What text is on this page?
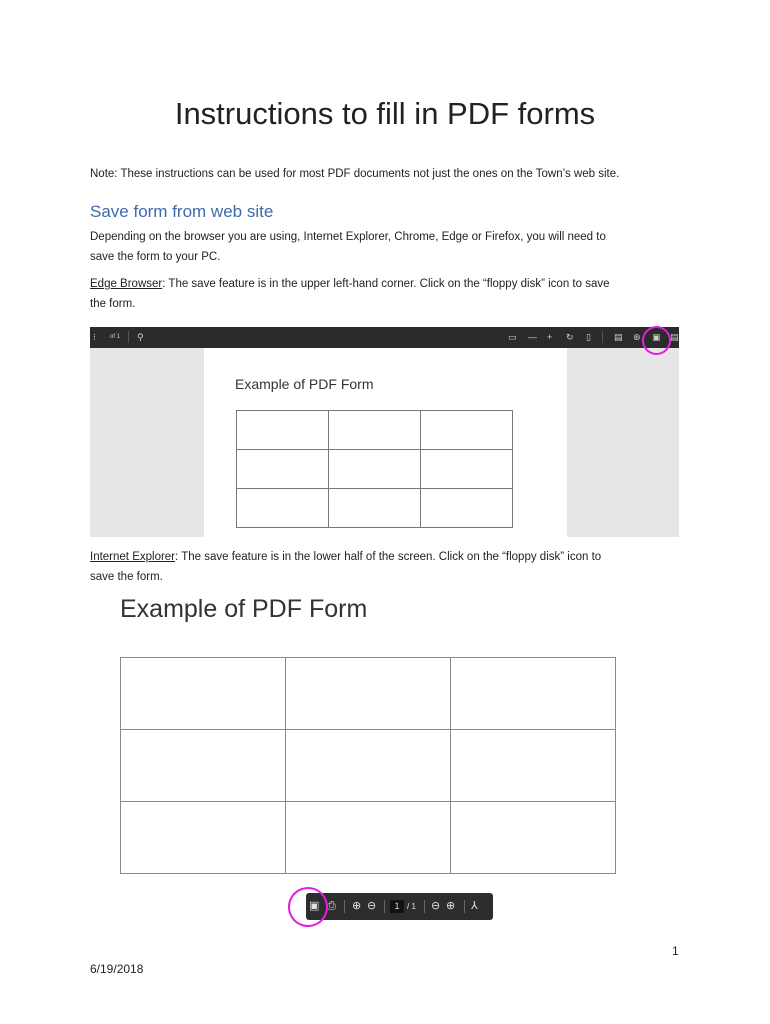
Instructions to fill in PDF forms
Note: These instructions can be used for most PDF documents not just the ones on the Town’s web site.
Save form from web site
Depending on the browser you are using, Internet Explorer, Chrome, Edge or Firefox, you will need to
save the form to your PC.
Edge Browser: The save feature is in the upper left-hand corner. Click on the “floppy disk” icon to save
the form.
⁝ of 1 ⚲	▭ — + ↻ ▯	▤ ⊛ ▣ ▤
Example of PDF Form

Internet Explorer: The save feature is in the lower half of the screen. Click on the “floppy disk” icon to
save the form.
Example of PDF Form

▣ ⎙ ⊕ ⊖	1 / 1 ⊖ ⊕ ⅄
1
6/19/2018
